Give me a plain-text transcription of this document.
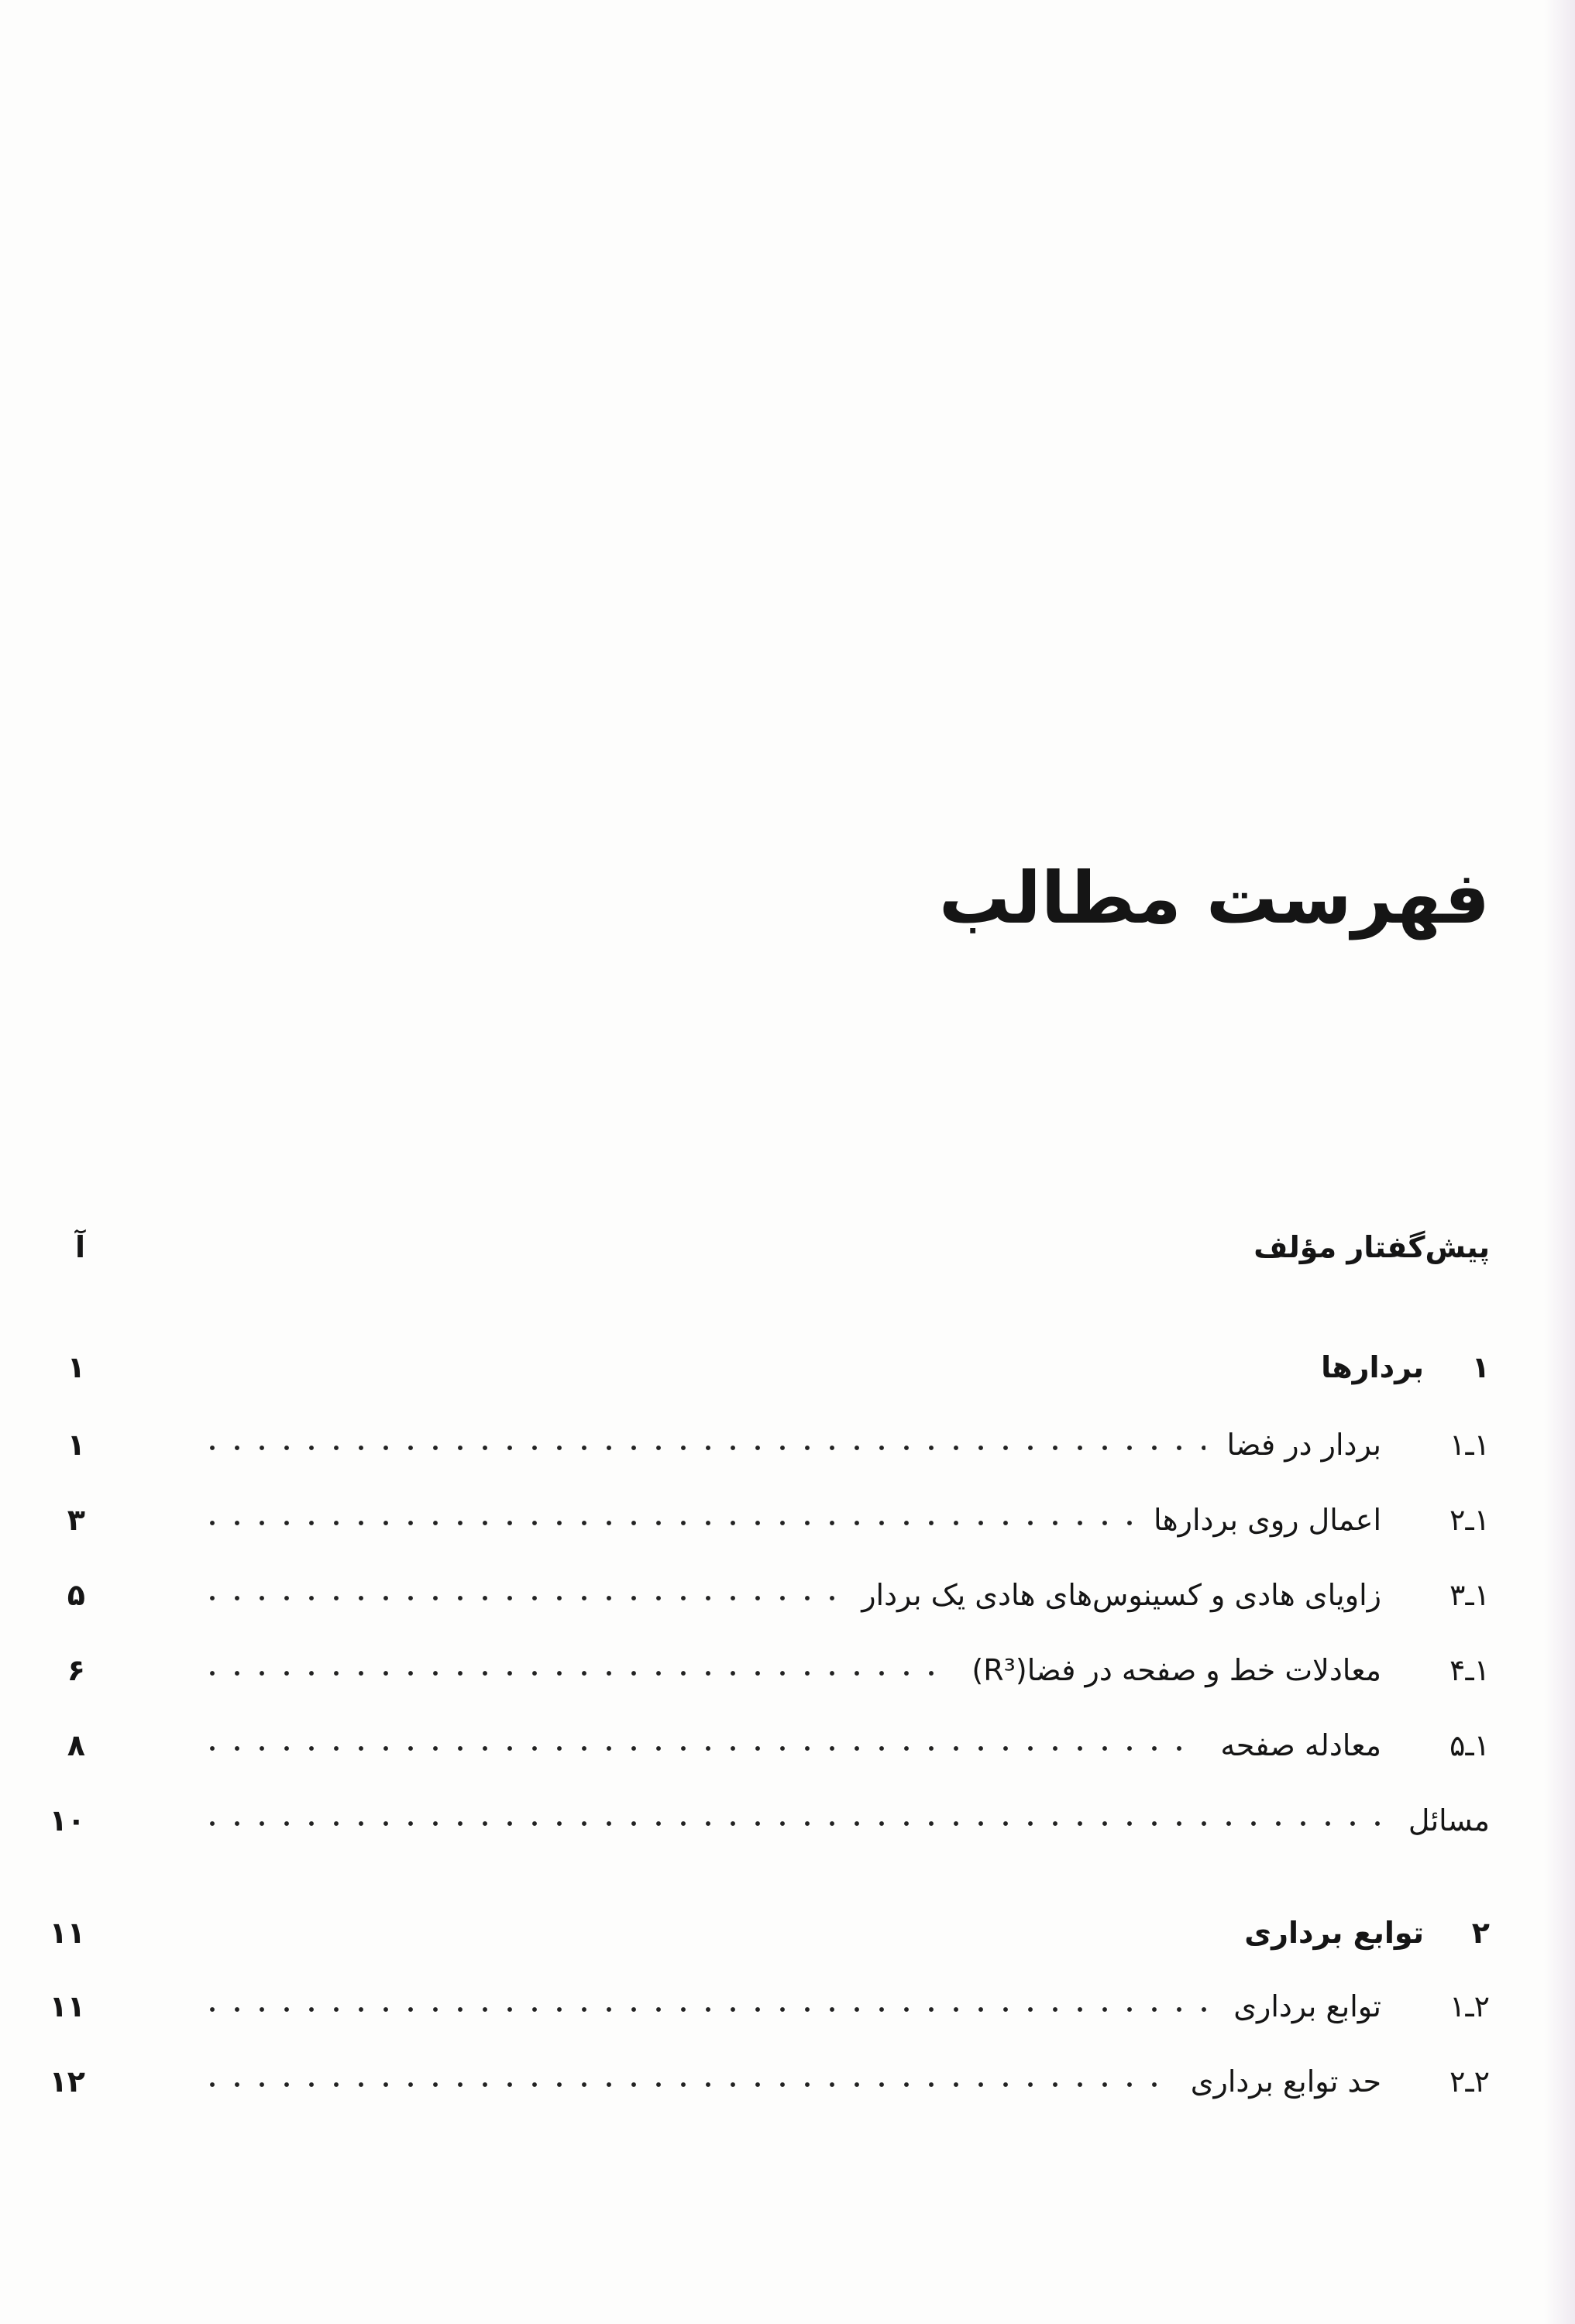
فهرست مطالب
پیش‌گفتار مؤلف
آ
۱
بردارها
۱
۱ـ۱
بردار در فضا
۱
۱ـ۲
اعمال روی بردارها
۳
۱ـ۳
زاویای هادی و کسینوس‌های هادی یک بردار
۵
۱ـ۴
معادلات خط و صفحه در فضا(R³)
۶
۱ـ۵
معادله صفحه
۸
مسائل
۱۰
۲
توابع برداری
۱۱
۲ـ۱
توابع برداری
۱۱
۲ـ۲
حد توابع برداری
۱۲
